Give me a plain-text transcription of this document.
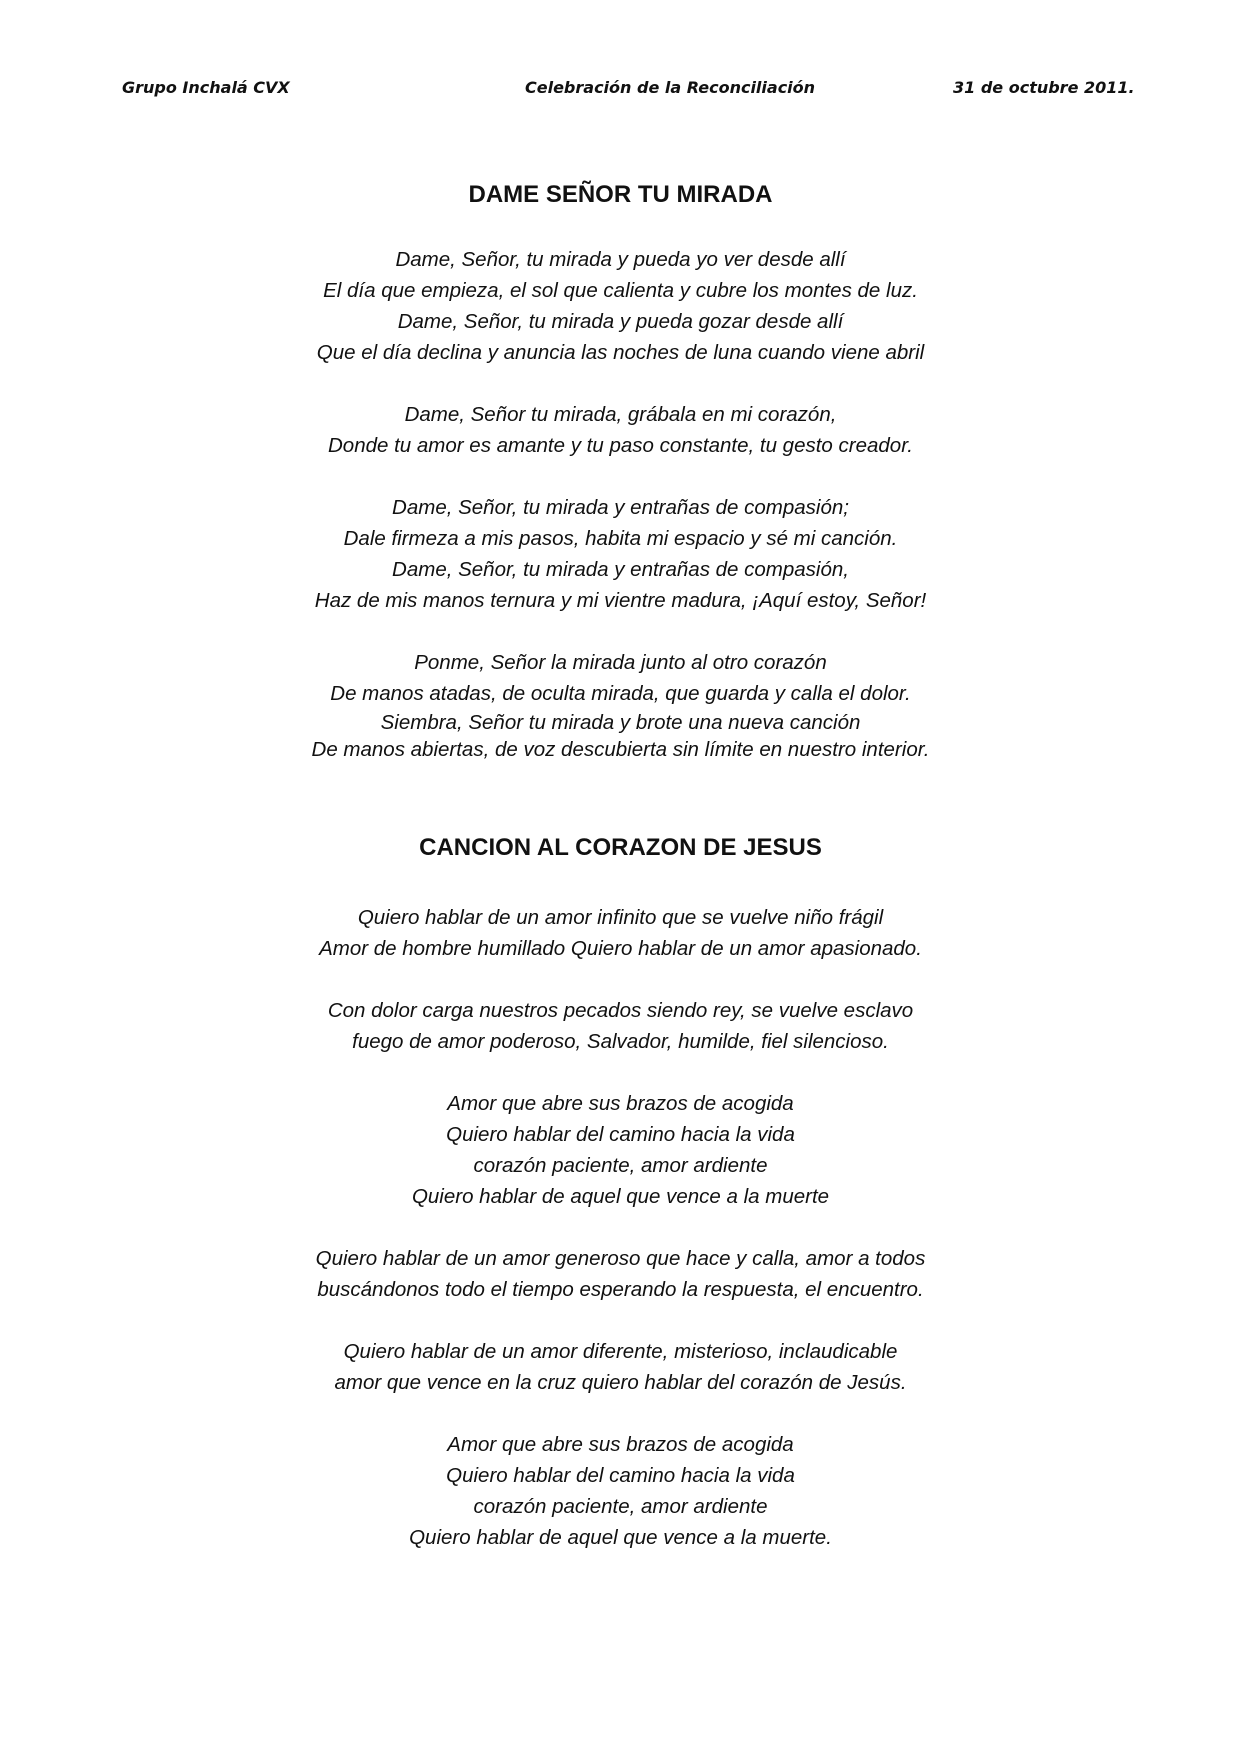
Grupo Inchalá CVX	Celebración de la Reconciliación	31 de octubre 2011.
DAME SEÑOR TU MIRADA
Dame, Señor, tu mirada y pueda yo ver desde allí
El día que empieza, el sol que calienta y cubre los montes de luz.
Dame, Señor, tu mirada y pueda gozar desde allí
Que el día declina y anuncia las noches de luna cuando viene abril
Dame, Señor tu mirada, grábala en mi corazón,
Donde tu amor es amante y tu paso constante, tu gesto creador.
Dame, Señor, tu mirada y entrañas de compasión;
Dale firmeza a mis pasos, habita mi espacio y sé mi canción.
Dame, Señor, tu mirada y entrañas de compasión,
Haz de mis manos ternura y mi vientre madura, ¡Aquí estoy, Señor!
Ponme, Señor la mirada junto al otro corazón
De manos atadas, de oculta mirada, que guarda y calla el dolor.
Siembra, Señor tu mirada y brote una nueva canción
De manos abiertas, de voz descubierta sin límite en nuestro interior.
CANCION AL CORAZON DE JESUS
Quiero hablar de un amor infinito que se vuelve niño frágil
Amor de hombre humillado Quiero hablar de un amor apasionado.
Con dolor carga nuestros pecados siendo rey, se vuelve esclavo
fuego de amor poderoso, Salvador, humilde, fiel silencioso.
Amor que abre sus brazos de acogida
Quiero hablar del camino hacia la vida
corazón paciente, amor ardiente
Quiero hablar de aquel que vence a la muerte
Quiero hablar de un amor generoso que hace y calla, amor a todos
buscándonos todo el tiempo esperando la respuesta, el encuentro.
Quiero hablar de un amor diferente, misterioso, inclaudicable
amor que vence en la cruz quiero hablar del corazón de Jesús.
Amor que abre sus brazos de acogida
Quiero hablar del camino hacia la vida
corazón paciente, amor ardiente
Quiero hablar de aquel que vence a la muerte.
